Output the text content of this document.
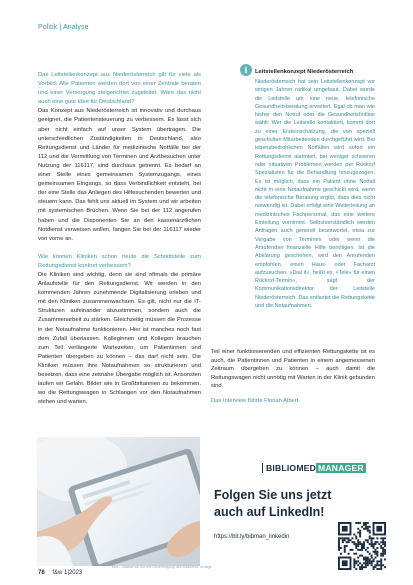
Politik | Analyse

Das Leitstellenkonzept aus Niederösterreich gilt für viele als Vorbild: Alle Patienten werden dort von einer Zentrale beraten und einer Versorgung zielgerichtet zugeleitet. Wäre das nicht auch eine gute Idee für Deutschland?

Das Konzept aus Niederösterreich ist innovativ und durchaus geeignet, die Patientensteuerung zu verbessern. Es lässt sich aber nicht einfach auf unser System übertragen. Die unterschiedlichen Zuständigkeiten in Deutschland, also Rettungsdienst und Länder für medizinische Notfälle bei der 112 und die Vermittlung von Terminen und Arztbesuchen unter Nutzung der 116117, sind durchaus getrennt. Es bedarf an einer Stelle eines gemeinsamen Systemzugangs, eines gemeinsamen Eingangs, so dass Verbindlichkeit entsteht, bei der eine Stelle das Anliegen des Hilfesuchenden bewerten und steuern kann. Das fehlt uns aktuell im System und wir arbeiten mit systemischen Brüchen. Wenn Sie bei der 112 angerufen haben und die Disponenten Sie an den kassenärztlichen Notdienst verweisen wollen, fangen Sie bei der 116117 wieder von vorne an.

Wie können Kliniken schon heute die Schnittstelle zum Rettungsdienst konkret verbessern?

Die Kliniken sind wichtig, denn sie sind oftmals die primäre Anlaufstelle für den Rettungsdienst. Wir werden in den kommenden Jahren zunehmende Digitalisierung erleben und mit den Kliniken zusammenwachsen. Es gilt, nicht nur die IT-Strukturen aufeinander abzustimmen, sondern auch die Zusammenarbeit zu stärken. Gleichzeitig müssen die Prozesse in der Notaufnahme funktionieren. Hier ist manches noch fast dem Zufall überlassen. Kolleginnen und Kollegen brauchen zum Teil verlängerte Wartezeiten, um Patientinnen und Patienten übergeben zu können – das darf nicht sein. Die Kliniken müssen ihre Notaufnahmen so strukturieren und besetzen, dass eine zeitnahe Übergabe möglich ist. Ansonsten laufen wir Gefahr, Bilder wie in Großbritannien zu bekommen, wo die Rettungswagen in Schlangen vor den Notaufnahmen stehen und warten.

i	Leitstellenkonzept Niederösterreich

Niederösterreich hat sein Leitstellenkonzept vor einigen Jahren radikal umgebaut. Dabei wurde die Leitstelle um eine neue, telefonische Gesundheitsberatung erweitert. Egal ob man wie bisher den Notruf oder die Gesundheitshotline wählt: Wer die Leitstelle kontaktiert, kommt dort zu einer Ersteinschätzung, die von speziell geschulten Mitarbeitenden durchgeführt wird. Bei lebensbedrohlichen Notfällen wird sofort ein Rettungsdienst alarmiert, bei weniger schweren oder situativen Problemen werden per Rückruf Spezialisten für die Behandlung hinzugezogen. Es ist möglich, dass ein Patient ohne Notfall nicht in eine Notaufnahme geschickt wird, wenn die telefonische Beratung ergibt, dass dies nicht notwendig ist. Dabei erfolgt eine Weiterleitung an medizinisches Fachpersonal, das eine weitere Einteilung vornimmt. Selbstverständlich werden Anfragen auch generell beantwortet, etwa zur Vergabe von Terminen oder wenn die Anrufenden finanzielle Hilfe benötigen. Ist die Abklärung geschehen, wird den Anrufenden empfohlen, einen Haus- oder Facharzt aufzusuchen. »Dial it«, heißt es, »Tele« für einen Rückruf-Termin«, sagt der Kommunikationsdirektor der Leitstelle Niederösterreich. Das entlastet die Rettungskette und die Notaufnahmen.

Teil einer funktionierenden und effizienten Rettungskette ist es auch, die Patientinnen und Patienten in einem angemessenen Zeitraum übergeben zu können – auch damit die Rettungswagen nicht unnötig mit Warten in der Klinik gebunden sind.

Das Interview führte Florian Albert.
BIBLIOMED MANAGER
Folgen Sie uns jetzt
auch auf LinkedIn!
https://bit.ly/bibman_linkedin
78 f&w 1|2023
f&w – Nachdruck nur mit Genehmigung des Bibliomed-Verlags
